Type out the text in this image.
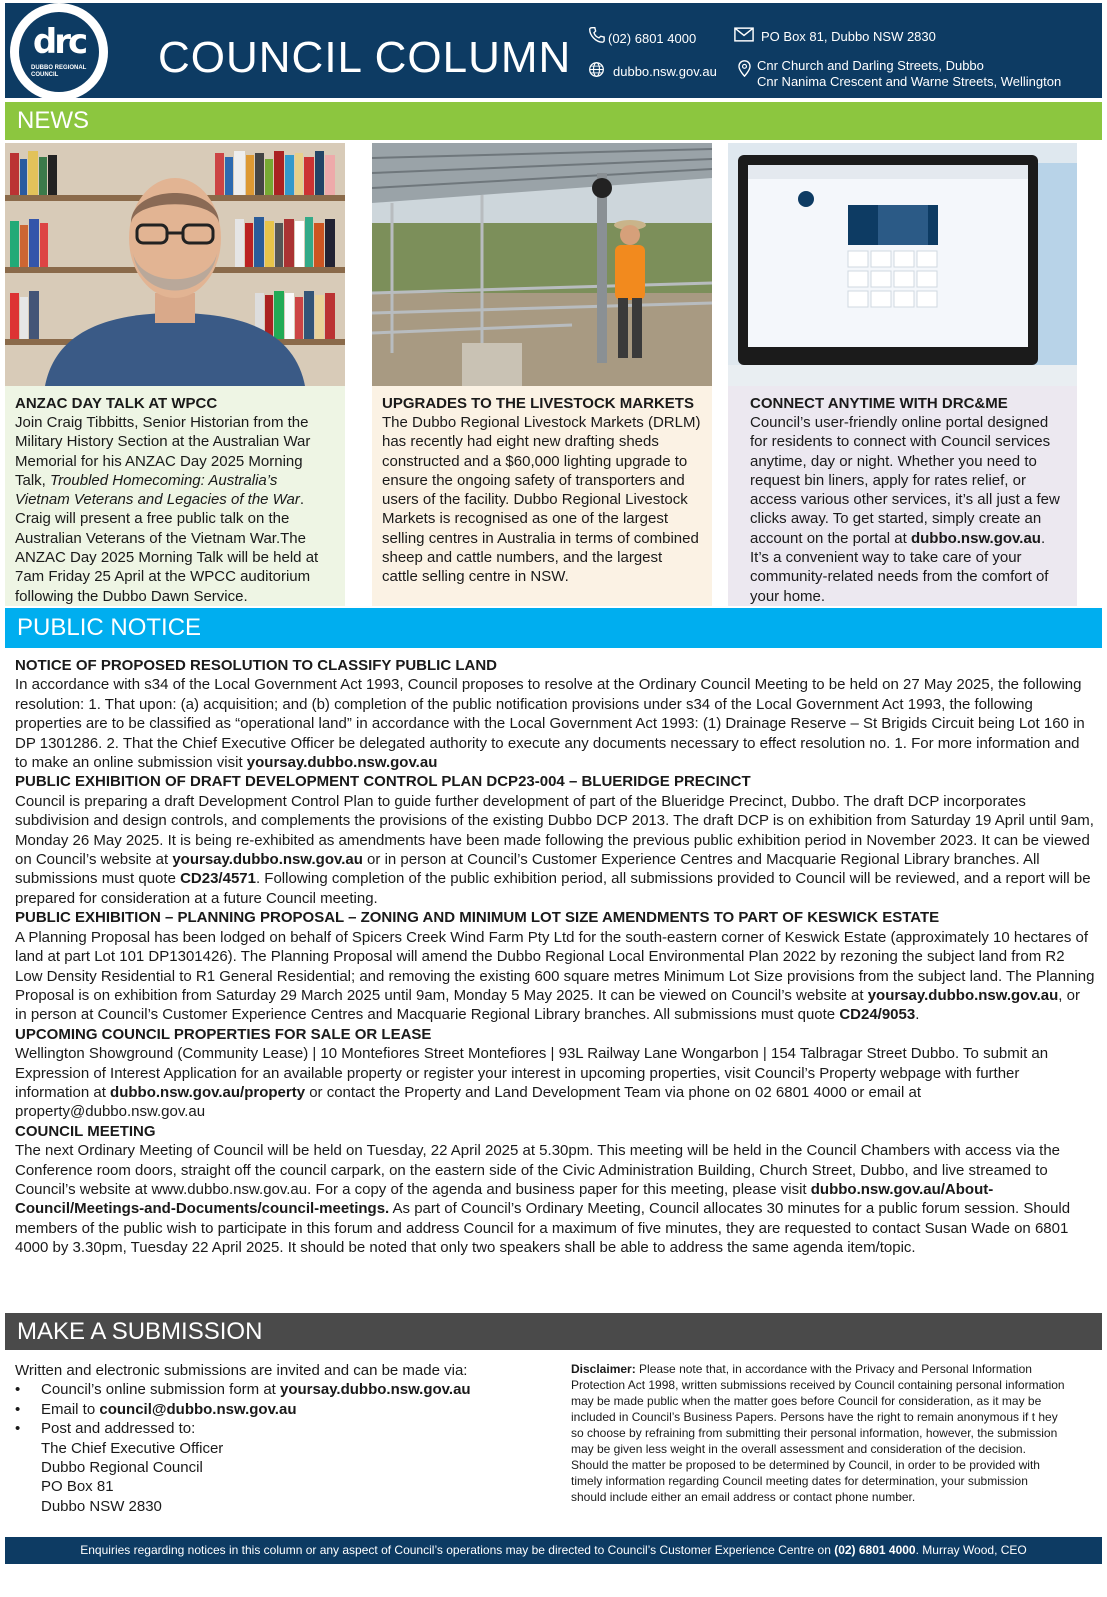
COUNCIL COLUMN	(02) 6801 4000
dubbo.nsw.gov.au
PO Box 81, Dubbo NSW 2830
Cnr Church and Darling Streets, Dubbo
Cnr Nanima Crescent and Warne Streets, Wellington
drc
DUBBO REGIONAL
COUNCIL
NEWS
ANZAC DAY TALK AT WPCC

Join Craig Tibbitts, Senior Historian from the Military History Section at the Australian War Memorial for his ANZAC Day 2025 Morning Talk, Troubled Homecoming: Australia’s Vietnam Veterans and Legacies of the War. Craig will present a free public talk on the Australian Veterans of the Vietnam War.The ANZAC Day 2025 Morning Talk will be held at 7am Friday 25 April at the WPCC auditorium following the Dubbo Dawn Service.

UPGRADES TO THE LIVESTOCK MARKETS

The Dubbo Regional Livestock Markets (DRLM) has recently had eight new drafting sheds constructed and a $60,000 lighting upgrade to ensure the ongoing safety of transporters and users of the facility. Dubbo Regional Livestock Markets is recognised as one of the largest selling centres in Australia in terms of combined sheep and cattle numbers, and the largest cattle selling centre in NSW.

CONNECT ANYTIME WITH DRC&ME

Council’s user-friendly online portal designed for residents to connect with Council services anytime, day or night. Whether you need to request bin liners, apply for rates relief, or access various other services, it’s all just a few clicks away. To get started, simply create an account on the portal at dubbo.nsw.gov.au. It’s a convenient way to take care of your community-related needs from the comfort of your home.

PUBLIC NOTICE
NOTICE OF PROPOSED RESOLUTION TO CLASSIFY PUBLIC LAND

In accordance with s34 of the Local Government Act 1993, Council proposes to resolve at the Ordinary Council Meeting to be held on 27 May 2025, the following resolution: 1. That upon: (a) acquisition; and (b) completion of the public notification provisions under s34 of the Local Government Act 1993, the following properties are to be classified as “operational land” in accordance with the Local Government Act 1993: (1) Drainage Reserve – St Brigids Circuit being Lot 160 in DP 1301286. 2. That the Chief Executive Officer be delegated authority to execute any documents necessary to effect resolution no. 1. For more information and to make an online submission visit yoursay.dubbo.nsw.gov.au

PUBLIC EXHIBITION OF DRAFT DEVELOPMENT CONTROL PLAN DCP23-004 – BLUERIDGE PRECINCT

Council is preparing a draft Development Control Plan to guide further development of part of the Blueridge Precinct, Dubbo. The draft DCP incorporates subdivision and design controls, and complements the provisions of the existing Dubbo DCP 2013. The draft DCP is on exhibition from Saturday 19 April until 9am, Monday 26 May 2025. It is being re-exhibited as amendments have been made following the previous public exhibition period in November 2023. It can be viewed on Council’s website at yoursay.dubbo.nsw.gov.au or in person at Council’s Customer Experience Centres and Macquarie Regional Library branches. All submissions must quote CD23/4571. Following completion of the public exhibition period, all submissions provided to Council will be reviewed, and a report will be prepared for consideration at a future Council meeting.

PUBLIC EXHIBITION – PLANNING PROPOSAL – ZONING AND MINIMUM LOT SIZE AMENDMENTS TO PART OF KESWICK ESTATE

A Planning Proposal has been lodged on behalf of Spicers Creek Wind Farm Pty Ltd for the south-eastern corner of Keswick Estate (approximately 10 hectares of land at part Lot 101 DP1301426). The Planning Proposal will amend the Dubbo Regional Local Environmental Plan 2022 by rezoning the subject land from R2 Low Density Residential to R1 General Residential; and removing the existing 600 square metres Minimum Lot Size provisions from the subject land. The Planning Proposal is on exhibition from Saturday 29 March 2025 until 9am, Monday 5 May 2025. It can be viewed on Council’s website at yoursay.dubbo.nsw.gov.au, or in person at Council’s Customer Experience Centres and Macquarie Regional Library branches. All submissions must quote CD24/9053.

UPCOMING COUNCIL PROPERTIES FOR SALE OR LEASE

Wellington Showground (Community Lease) | 10 Montefiores Street Montefiores | 93L Railway Lane Wongarbon | 154 Talbragar Street Dubbo. To submit an Expression of Interest Application for an available property or register your interest in upcoming properties, visit Council’s Property webpage with further information at dubbo.nsw.gov.au/property or contact the Property and Land Development Team via phone on 02 6801 4000 or email at property@dubbo.nsw.gov.au

COUNCIL MEETING

The next Ordinary Meeting of Council will be held on Tuesday, 22 April 2025 at 5.30pm. This meeting will be held in the Council Chambers with access via the Conference room doors, straight off the council carpark, on the eastern side of the Civic Administration Building, Church Street, Dubbo, and live streamed to Council’s website at www.dubbo.nsw.gov.au. For a copy of the agenda and business paper for this meeting, please visit dubbo.nsw.gov.au/About-Council/Meetings-and-Documents/council-meetings. As part of Council’s Ordinary Meeting, Council allocates 30 minutes for a public forum session. Should members of the public wish to participate in this forum and address Council for a maximum of five minutes, they are requested to contact Susan Wade on 6801 4000 by 3.30pm, Tuesday 22 April 2025. It should be noted that only two speakers shall be able to address the same agenda item/topic.

MAKE A SUBMISSION

Written and electronic submissions are invited and can be made via:

• Council’s online submission form at yoursay.dubbo.nsw.gov.au
• Email to council@dubbo.nsw.gov.au
• Post and addressed to:
The Chief Executive Officer
Dubbo Regional Council
PO Box 81
Dubbo NSW 2830
Disclaimer: Please note that, in accordance with the Privacy and Personal Information Protection Act 1998, written submissions received by Council containing personal information may be made public when the matter goes before Council for consideration, as it may be included in Council’s Business Papers. Persons have the right to remain anonymous if t hey so choose by refraining from submitting their personal information, however, the submission may be given less weight in the overall assessment and consideration of the decision. Should the matter be proposed to be determined by Council, in order to be provided with timely information regarding Council meeting dates for determination, your submission should include either an email address or contact phone number.
Enquiries regarding notices in this column or any aspect of Council’s operations may be directed to Council’s Customer Experience Centre on (02) 6801 4000. Murray Wood, CEO
